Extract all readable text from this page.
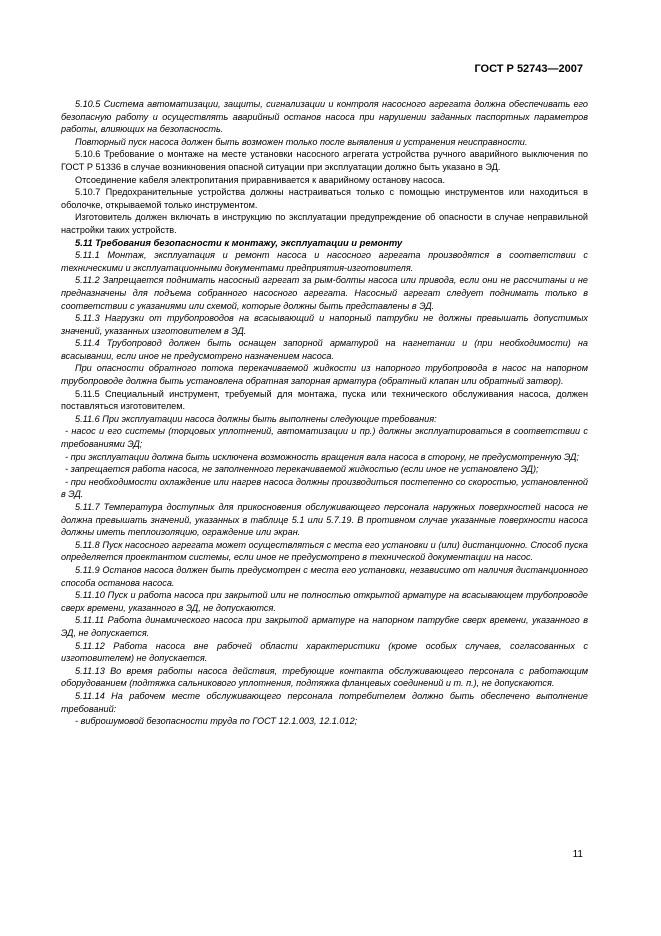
ГОСТ Р 52743—2007

5.10.5 Система автоматизации, защиты, сигнализации и контроля насосного агрегата должна обеспечивать его безопасную работу и осуществлять аварийный останов насоса при нарушении заданных паспортных параметров работы, влияющих на безопасность.

Повторный пуск насоса должен быть возможен только после выявления и устранения неисправности.

5.10.6 Требование о монтаже на месте установки насосного агрегата устройства ручного аварийного выключения по ГОСТ Р 51336 в случае возникновения опасной ситуации при эксплуатации должно быть указано в ЭД.

Отсоединение кабеля электропитания приравнивается к аварийному останову насоса.

5.10.7 Предохранительные устройства должны настраиваться только с помощью инструментов или находиться в оболочке, открываемой только инструментом.

Изготовитель должен включать в инструкцию по эксплуатации предупреждение об опасности в случае неправильной настройки таких устройств.

5.11 Требования безопасности к монтажу, эксплуатации и ремонту

5.11.1 Монтаж, эксплуатация и ремонт насоса и насосного агрегата производятся в соответствии с техническими и эксплуатационными документами предприятия-изготовителя.

5.11.2 Запрещается поднимать насосный агрегат за рым-болты насоса или привода, если они не рассчитаны и не предназначены для подъема собранного насосного агрегата. Насосный агрегат следует поднимать только в соответствии с указаниями или схемой, которые должны быть представлены в ЭД.

5.11.3 Нагрузки от трубопроводов на всасывающий и напорный патрубки не должны превышать допустимых значений, указанных изготовителем в ЭД.

5.11.4 Трубопровод должен быть оснащен запорной арматурой на нагнетании и (при необходимости) на всасывании, если иное не предусмотрено назначением насоса.

При опасности обратного потока перекачиваемой жидкости из напорного трубопровода в насос на напорном трубопроводе должна быть установлена обратная запорная арматура (обратный клапан или обратный затвор).

5.11.5 Специальный инструмент, требуемый для монтажа, пуска или технического обслуживания насоса, должен поставляться изготовителем.

5.11.6 При эксплуатации насоса должны быть выполнены следующие требования:

- насос и его системы (торцовых уплотнений, автоматизации и пр.) должны эксплуатироваться в соответствии с требованиями ЭД;

- при эксплуатации должна быть исключена возможность вращения вала насоса в сторону, не предусмотренную ЭД;

- запрещается работа насоса, не заполненного перекачиваемой жидкостью (если иное не установлено ЭД);

- при необходимости охлаждение или нагрев насоса должны производиться постепенно со скоростью, установленной в ЭД.

5.11.7 Температура доступных для прикосновения обслуживающего персонала наружных поверхностей насоса не должна превышать значений, указанных в таблице 5.1 или 5.7.19. В противном случае указанные поверхности насоса должны иметь теплоизоляцию, ограждение или экран.

5.11.8 Пуск насосного агрегата может осуществляться с места его установки и (или) дистанционно. Способ пуска определяется проектантом системы, если иное не предусмотрено в технической документации на насос.

5.11.9 Останов насоса должен быть предусмотрен с места его установки, независимо от наличия дистанционного способа останова насоса.

5.11.10 Пуск и работа насоса при закрытой или не полностью открытой арматуре на всасывающем трубопроводе сверх времени, указанного в ЭД, не допускаются.

5.11.11 Работа динамического насоса при закрытой арматуре на напорном патрубке сверх времени, указанного в ЭД, не допускается.

5.11.12 Работа насоса вне рабочей области характеристики (кроме особых случаев, согласованных с изготовителем) не допускается.

5.11.13 Во время работы насоса действия, требующие контакта обслуживающего персонала с работающим оборудованием (подтяжка сальникового уплотнения, подтяжка фланцевых соединений и т. п.), не допускаются.

5.11.14 На рабочем месте обслуживающего персонала потребителем должно быть обеспечено выполнение требований:

- виброшумовой безопасности труда по ГОСТ 12.1.003, 12.1.012;

11
